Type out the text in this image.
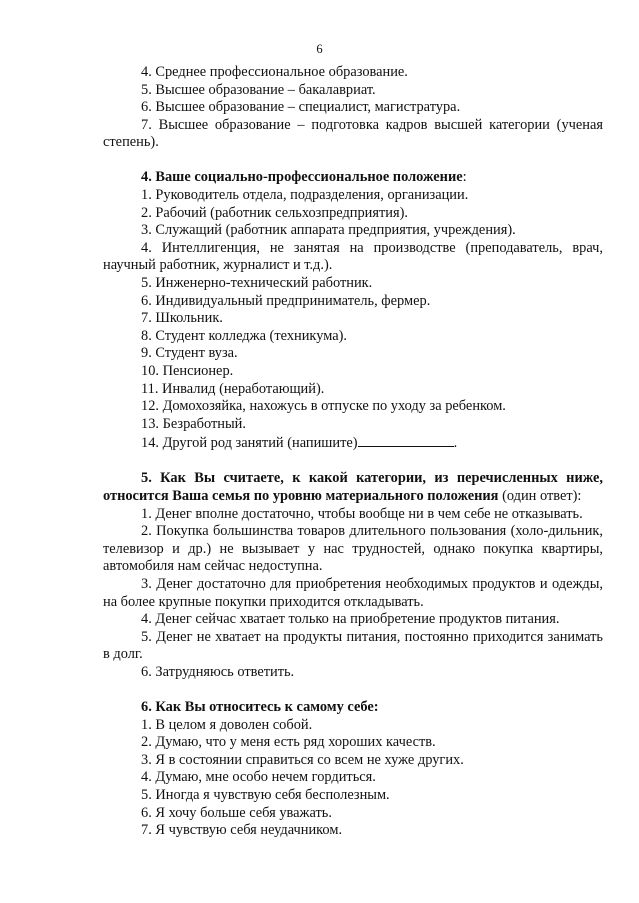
6

4. Среднее профессиональное образование.

5. Высшее образование – бакалавриат.

6. Высшее образование – специалист, магистратура.

7. Высшее образование – подготовка кадров высшей категории (ученая степень).

4. Ваше социально-профессиональное положение:

1. Руководитель отдела, подразделения, организации.

2. Рабочий (работник сельхозпредприятия).

3. Служащий (работник аппарата предприятия, учреждения).

4. Интеллигенция, не занятая на производстве (преподаватель, врач, научный работник, журналист и т.д.).

5. Инженерно-технический работник.

6. Индивидуальный предприниматель, фермер.

7. Школьник.

8. Студент колледжа (техникума).

9. Студент вуза.

10. Пенсионер.

11. Инвалид (неработающий).

12. Домохозяйка, нахожусь в отпуске по уходу за ребенком.

13. Безработный.

14. Другой род занятий (напишите)	.

5. Как Вы считаете, к какой категории, из перечисленных ниже, относится Ваша семья по уровню материального положения (один ответ):

1. Денег вполне достаточно, чтобы вообще ни в чем себе не отказывать.

2. Покупка большинства товаров длительного пользования (холо-дильник, телевизор и др.) не вызывает у нас трудностей, однако покупка квартиры, автомобиля нам сейчас недоступна.

3. Денег достаточно для приобретения необходимых продуктов и одежды, на более крупные покупки приходится откладывать.

4. Денег сейчас хватает только на приобретение продуктов питания.

5. Денег не хватает на продукты питания, постоянно приходится занимать в долг.

6. Затрудняюсь ответить.

6. Как Вы относитесь к самому себе:

1. В целом я доволен собой.

2. Думаю, что у меня есть ряд хороших качеств.

3. Я в состоянии справиться со всем не хуже других.

4. Думаю, мне особо нечем гордиться.

5. Иногда я чувствую себя бесполезным.

6. Я хочу больше себя уважать.

7. Я чувствую себя неудачником.
